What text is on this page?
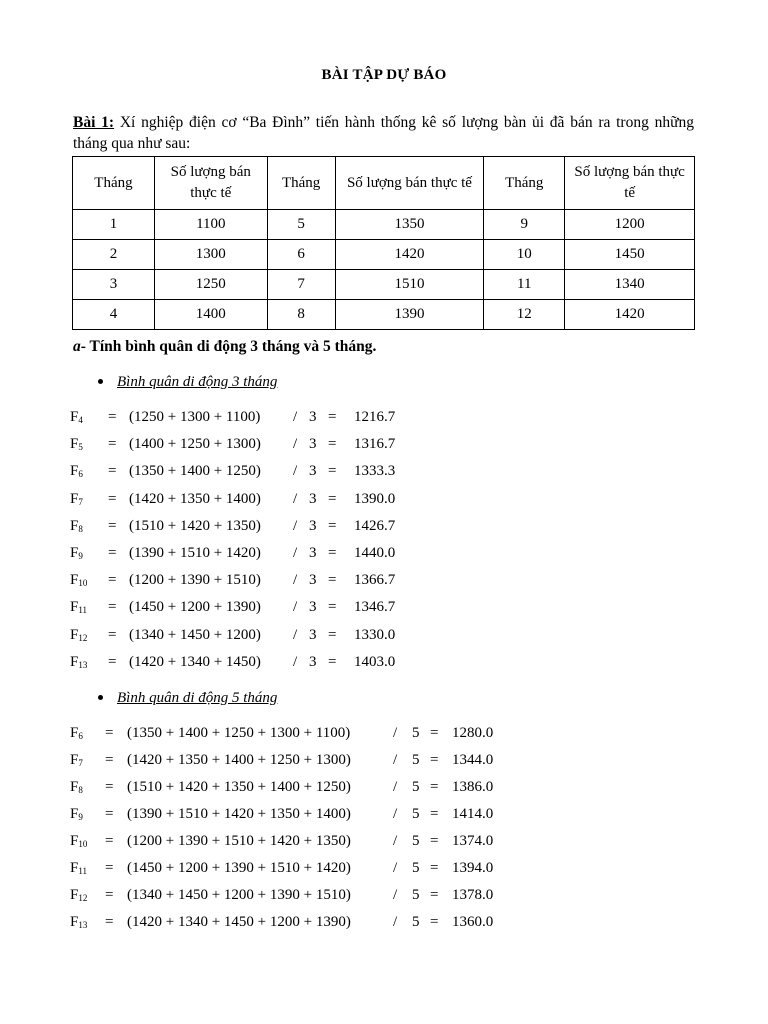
BÀI TẬP DỰ BÁO

Bài 1: Xí nghiệp điện cơ “Ba Đình” tiến hành thống kê số lượng bàn ủi đã bán ra trong những tháng qua như sau:

Tháng	Số lượng bán thực tế	Tháng	Số lượng bán thực tế	Tháng	Số lượng bán thực tế
1	1100	5	1350	9	1200
2	1300	6	1420	10	1450
3	1250	7	1510	11	1340
4	1400	8	1390	12	1420
a- Tính bình quân di động 3 tháng và 5 tháng.
Bình quân di động 3 tháng
$F_4 = (1250 + 1300 + 1100) / 3 = 1216.7$
$F_5 = (1400 + 1250 + 1300) / 3 = 1316.7$
$F_6 = (1350 + 1400 + 1250) / 3 = 1333.3$
$F_7 = (1420 + 1350 + 1400) / 3 = 1390.0$
$F_8 = (1510 + 1420 + 1350) / 3 = 1426.7$
$F_9 = (1390 + 1510 + 1420) / 3 = 1440.0$
$F_{10} = (1200 + 1390 + 1510) / 3 = 1366.7$
$F_{11} = (1450 + 1200 + 1390) / 3 = 1346.7$
$F_{12} = (1340 + 1450 + 1200) / 3 = 1330.0$
$F_{13} = (1420 + 1340 + 1450) / 3 = 1403.0$
Bình quân di động 5 tháng
$F_6 = (1350 + 1400 + 1250 + 1300 + 1100)$	/ 5 = 1280.0
$F_7 = (1420 + 1350 + 1400 + 1250 + 1300)$	/ 5 = 1344.0
$F_8 = (1510 + 1420 + 1350 + 1400 + 1250)$	/ 5 = 1386.0
$F_9 = (1390 + 1510 + 1420 + 1350 + 1400)$	/ 5 = 1414.0
$F_{10} = (1200 + 1390 + 1510 + 1420 + 1350)$	/ 5 = 1374.0
$F_{11} = (1450 + 1200 + 1390 + 1510 + 1420)$	/ 5 = 1394.0
$F_{12} = (1340 + 1450 + 1200 + 1390 + 1510)$	/ 5 = 1378.0
$F_{13} = (1420 + 1340 + 1450 + 1200 + 1390)$	/ 5 = 1360.0
